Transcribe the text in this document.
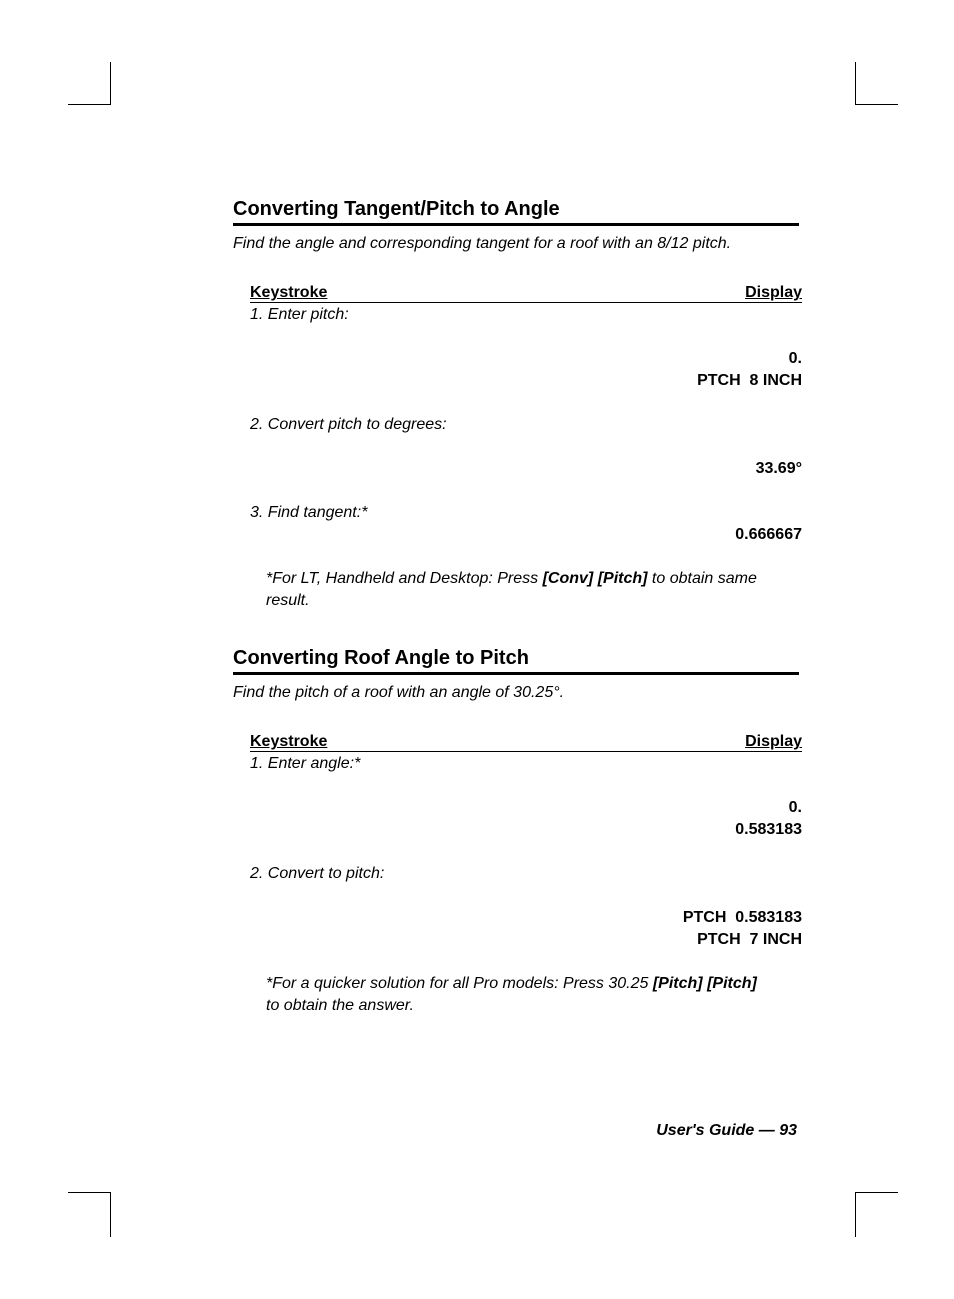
Converting Tangent/Pitch to Angle
Find the angle and corresponding tangent for a roof with an 8/12 pitch.
Keystroke	Display
1. Enter pitch:
0.
PTCH  8 INCH
2. Convert pitch to degrees:
33.69°
3. Find tangent:*
0.666667
*For LT, Handheld and Desktop: Press [Conv] [Pitch] to obtain same result.
Converting Roof Angle to Pitch
Find the pitch of a roof with an angle of 30.25°.
Keystroke	Display
1. Enter angle:*
0.
0.583183
2. Convert to pitch:
PTCH  0.583183
PTCH  7 INCH
*For a quicker solution for all Pro models: Press 30.25 [Pitch] [Pitch] to obtain the answer.
User's Guide — 93
